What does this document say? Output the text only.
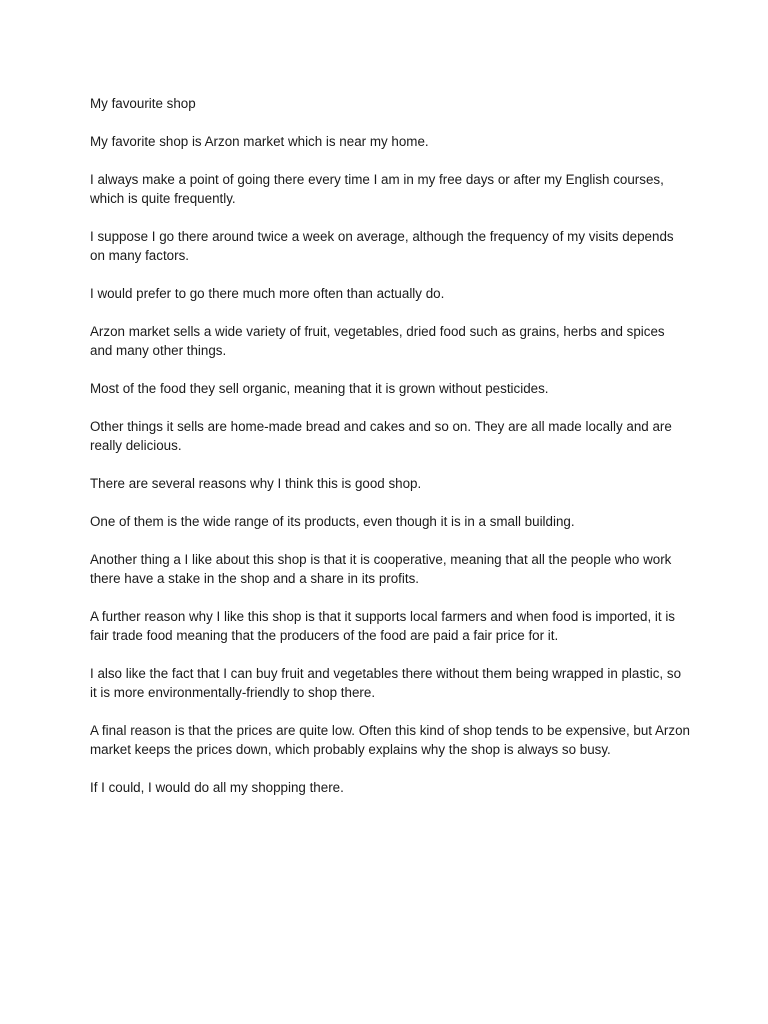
My favourite shop

My favorite shop is Arzon market which is near my home.

I always make a point of going there every time I am in my free days or after my English courses, which is quite frequently.

I suppose I go there around twice a week on average, although the frequency of my visits depends on many factors.

I would prefer to go there much more often than actually do.

Arzon market sells a wide variety of fruit, vegetables, dried food such as grains, herbs and spices and many other things.

Most of the food they sell organic, meaning that it is grown without pesticides.

Other things it sells are home-made bread and cakes and so on. They are all made locally and are really delicious.

There are several reasons why I think this is good shop.

One of them is the wide range of its products, even though it is in a small building.

Another thing a I like about this shop is that it is cooperative, meaning that all the people who work there have a stake in the shop and a share in its profits.

A further reason why I like this shop is that it supports local farmers and when food is imported, it is fair trade food meaning that the producers of the food are paid a fair price for it.

I also like the fact that I can buy fruit and vegetables there without them being wrapped in plastic, so it is more environmentally-friendly to shop there.

A final reason is that the prices are quite low. Often this kind of shop tends to be expensive, but Arzon market keeps the prices down, which probably explains why the shop is always so busy.

If I could, I would do all my shopping there.
